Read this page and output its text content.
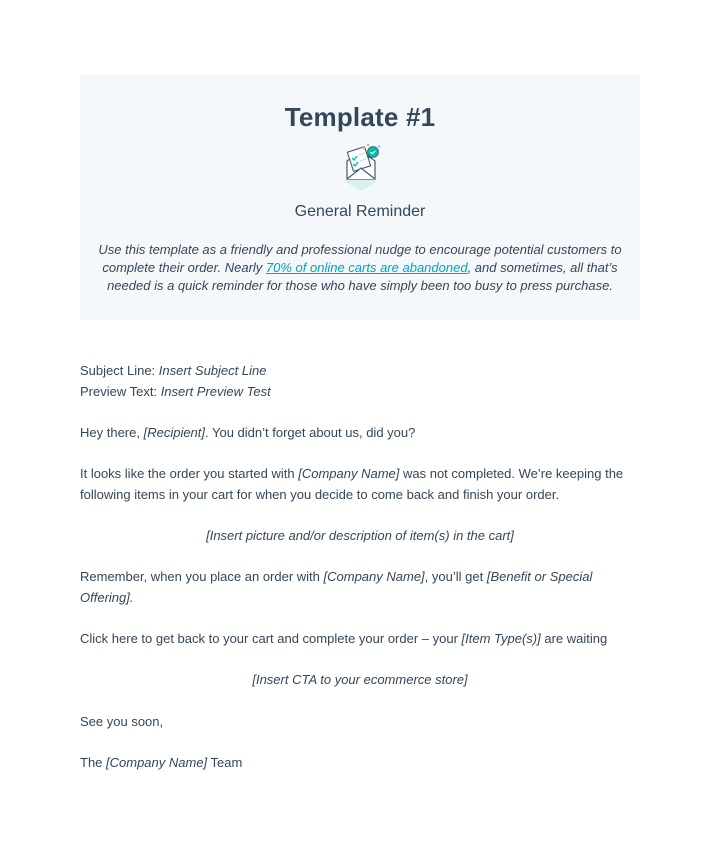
Template #1
General Reminder
Use this template as a friendly and professional nudge to encourage potential customers to complete their order. Nearly 70% of online carts are abandoned, and sometimes, all that’s needed is a quick reminder for those who have simply been too busy to press purchase.
Subject Line: Insert Subject Line
Preview Text: Insert Preview Test
Hey there, [Recipient]. You didn’t forget about us, did you?
It looks like the order you started with [Company Name] was not completed. We’re keeping the following items in your cart for when you decide to come back and finish your order.
[Insert picture and/or description of item(s) in the cart]
Remember, when you place an order with [Company Name], you’ll get [Benefit or Special Offering].
Click here to get back to your cart and complete your order – your [Item Type(s)] are waiting
[Insert CTA to your ecommerce store]
See you soon,
The [Company Name] Team
